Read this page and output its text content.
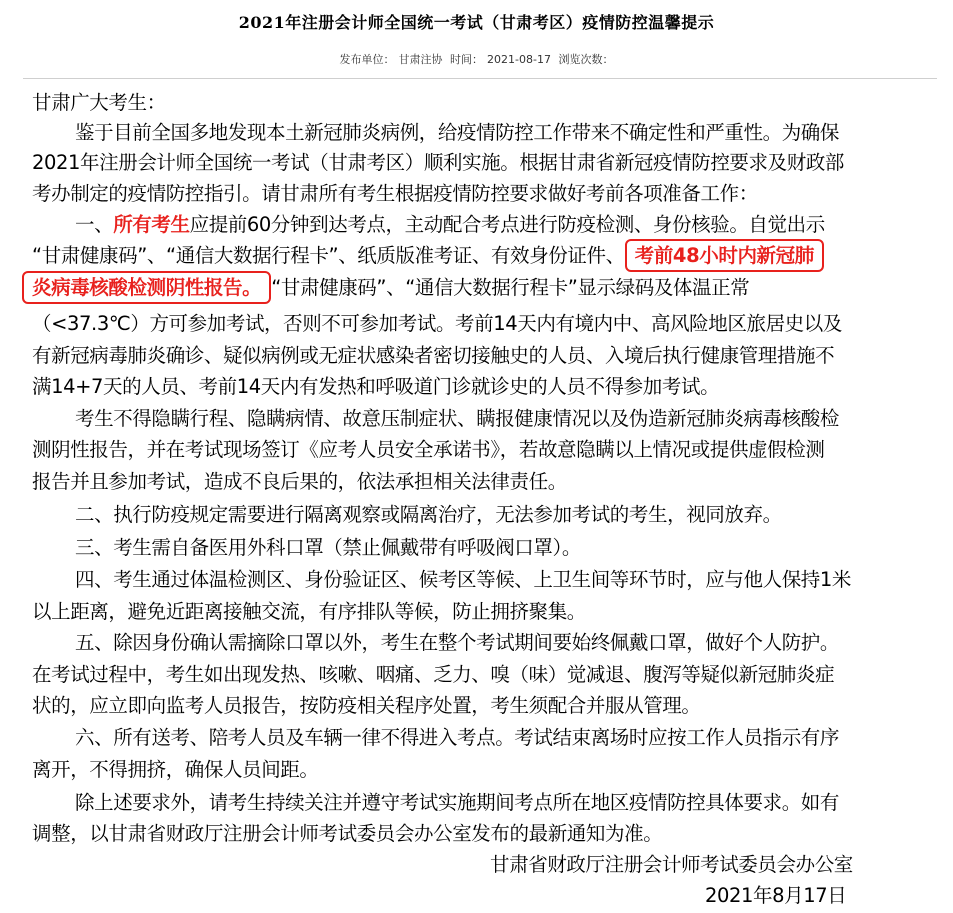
2021年注册会计师全国统一考试（甘肃考区）疫情防控温馨提示
发布单位： 甘肃注协 时间： 2021-08-17 浏览次数：
甘肃广大考生：
鉴于目前全国多地发现本土新冠肺炎病例，给疫情防控工作带来不确定性和严重性。为确保
2021年注册会计师全国统一考试（甘肃考区）顺利实施。根据甘肃省新冠疫情防控要求及财政部
考办制定的疫情防控指引。请甘肃所有考生根据疫情防控要求做好考前各项准备工作：
一、所有考生应提前60分钟到达考点，主动配合考点进行防疫检测、身份核验。自觉出示
“甘肃健康码”、“通信大数据行程卡”、纸质版准考证、有效身份证件、 考前48小时内新冠肺
炎病毒核酸检测阴性报告。 “甘肃健康码”、“通信大数据行程卡”显示绿码及体温正常
（<37.3℃）方可参加考试，否则不可参加考试。考前14天内有境内中、高风险地区旅居史以及
有新冠病毒肺炎确诊、疑似病例或无症状感染者密切接触史的人员、入境后执行健康管理措施不
满14+7天的人员、考前14天内有发热和呼吸道门诊就诊史的人员不得参加考试。
考生不得隐瞒行程、隐瞒病情、故意压制症状、瞒报健康情况以及伪造新冠肺炎病毒核酸检
测阴性报告，并在考试现场签订《应考人员安全承诺书》，若故意隐瞒以上情况或提供虚假检测
报告并且参加考试，造成不良后果的，依法承担相关法律责任。
二、执行防疫规定需要进行隔离观察或隔离治疗，无法参加考试的考生，视同放弃。
三、考生需自备医用外科口罩（禁止佩戴带有呼吸阀口罩）。
四、考生通过体温检测区、身份验证区、候考区等候、上卫生间等环节时，应与他人保持1米
以上距离，避免近距离接触交流，有序排队等候，防止拥挤聚集。
五、除因身份确认需摘除口罩以外，考生在整个考试期间要始终佩戴口罩，做好个人防护。
在考试过程中，考生如出现发热、咳嗽、咽痛、乏力、嗅（味）觉减退、腹泻等疑似新冠肺炎症
状的，应立即向监考人员报告，按防疫相关程序处置，考生须配合并服从管理。
六、所有送考、陪考人员及车辆一律不得进入考点。考试结束离场时应按工作人员指示有序
离开，不得拥挤，确保人员间距。
除上述要求外，请考生持续关注并遵守考试实施期间考点所在地区疫情防控具体要求。如有
调整，以甘肃省财政厅注册会计师考试委员会办公室发布的最新通知为准。
甘肃省财政厅注册会计师考试委员会办公室
2021年8月17日
